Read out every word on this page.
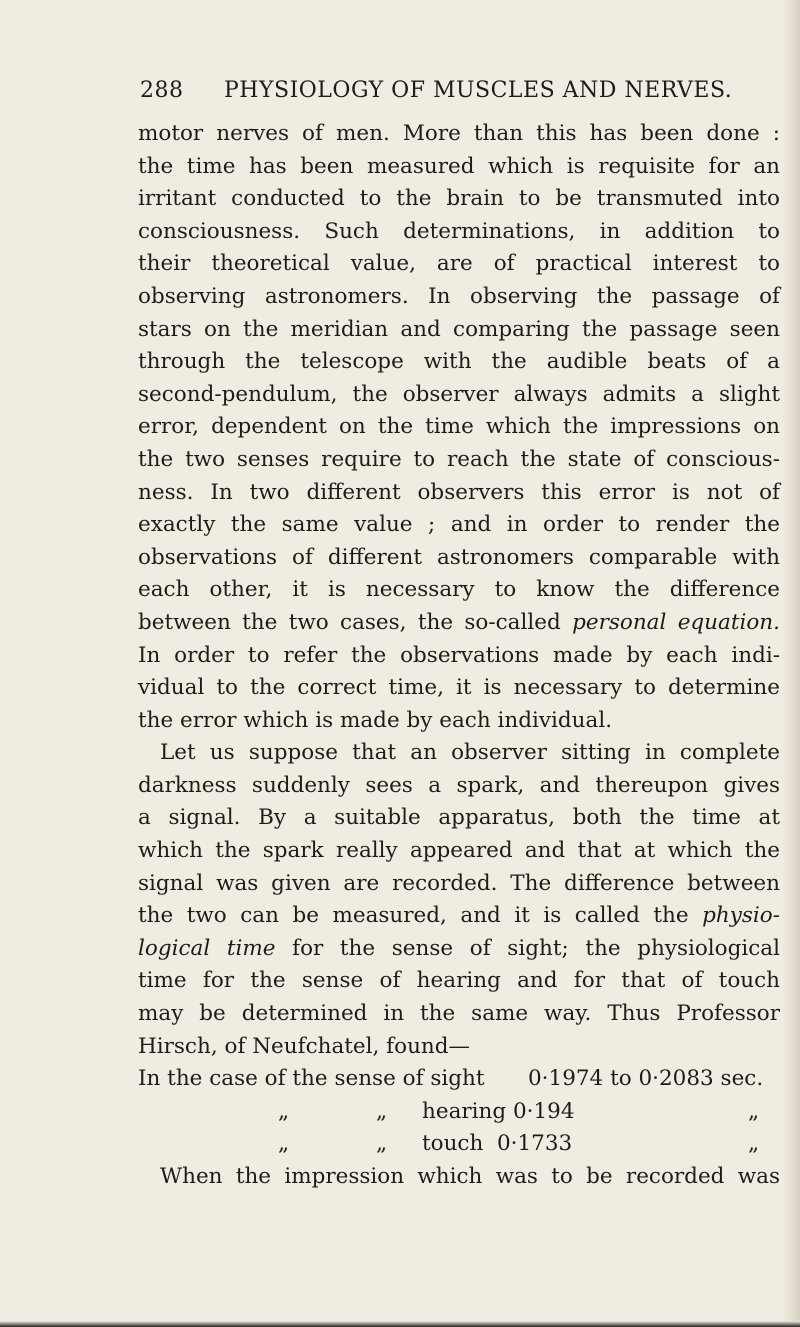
288 PHYSIOLOGY OF MUSCLES AND NERVES.
motor nerves of men. More than this has been done :
the time has been measured which is requisite for an
irritant conducted to the brain to be transmuted into
consciousness. Such determinations, in addition to
their theoretical value, are of practical interest to
observing astronomers. In observing the passage of
stars on the meridian and comparing the passage seen
through the telescope with the audible beats of a
second-pendulum, the observer always admits a slight
error, dependent on the time which the impressions on
the two senses require to reach the state of conscious-
ness. In two different observers this error is not of
exactly the same value ; and in order to render the
observations of different astronomers comparable with
each other, it is necessary to know the difference
between the two cases, the so-called personal equation.
In order to refer the observations made by each indi-
vidual to the correct time, it is necessary to determine
the error which is made by each individual.
Let us suppose that an observer sitting in complete
darkness suddenly sees a spark, and thereupon gives
a signal. By a suitable apparatus, both the time at
which the spark really appeared and that at which the
signal was given are recorded. The difference between
the two can be measured, and it is called the physio-
logical time for the sense of sight; the physiological
time for the sense of hearing and for that of touch
may be determined in the same way. Thus Professor
Hirsch, of Neufchatel, found—
In the case of the sense of sight 0·1974 to 0·2083 sec.
„	„ hearing 0·194	„
„	„ touch  0·1733	„
When the impression which was to be recorded was
